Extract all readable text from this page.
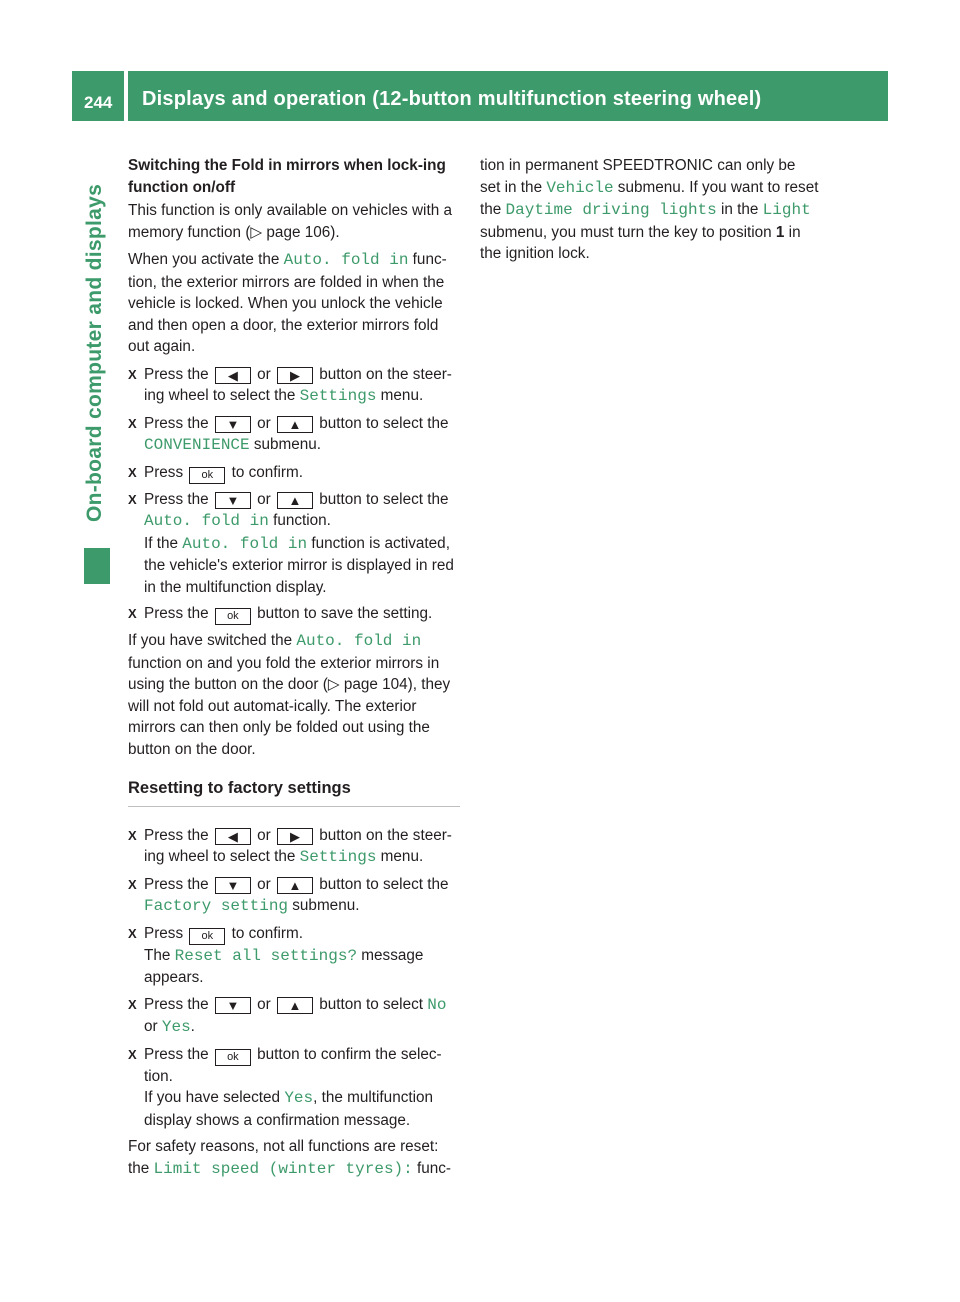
244 Displays and operation (12-button multifunction steering wheel)
On-board computer and displays

Switching the Fold in mirrors when lock-ing function on/off

This function is only available on vehicles with a memory function (▷ page 106).

When you activate the Auto. fold in func-tion, the exterior mirrors are folded in when the vehicle is locked. When you unlock the vehicle and then open a door, the exterior mirrors fold out again.

X Press the ◀ or ▶ button on the steer-ing wheel to select the Settings menu.
X Press the ▼ or ▲ button to select the CONVENIENCE submenu.
X Press ok to confirm.
X Press the ▼ or ▲ button to select the Auto. fold in function.
If the Auto. fold in function is activated, the vehicle's exterior mirror is displayed in red in the multifunction display.
X Press the ok button to save the setting.

If you have switched the Auto. fold in function on and you fold the exterior mirrors in using the button on the door (▷ page 104), they will not fold out automat-ically. The exterior mirrors can then only be folded out using the button on the door.

Resetting to factory settings

X Press the ◀ or ▶ button on the steer-ing wheel to select the Settings menu.
X Press the ▼ or ▲ button to select the Factory setting submenu.
X Press ok to confirm.
The Reset all settings? message appears.
X Press the ▼ or ▲ button to select No or Yes.
X Press the ok button to confirm the selec-tion.
If you have selected Yes, the multifunction display shows a confirmation message.

For safety reasons, not all functions are reset: the Limit speed (winter tyres): func-

tion in permanent SPEEDTRONIC can only be set in the Vehicle submenu. If you want to reset the Daytime driving lights in the Light submenu, you must turn the key to position 1 in the ignition lock.
